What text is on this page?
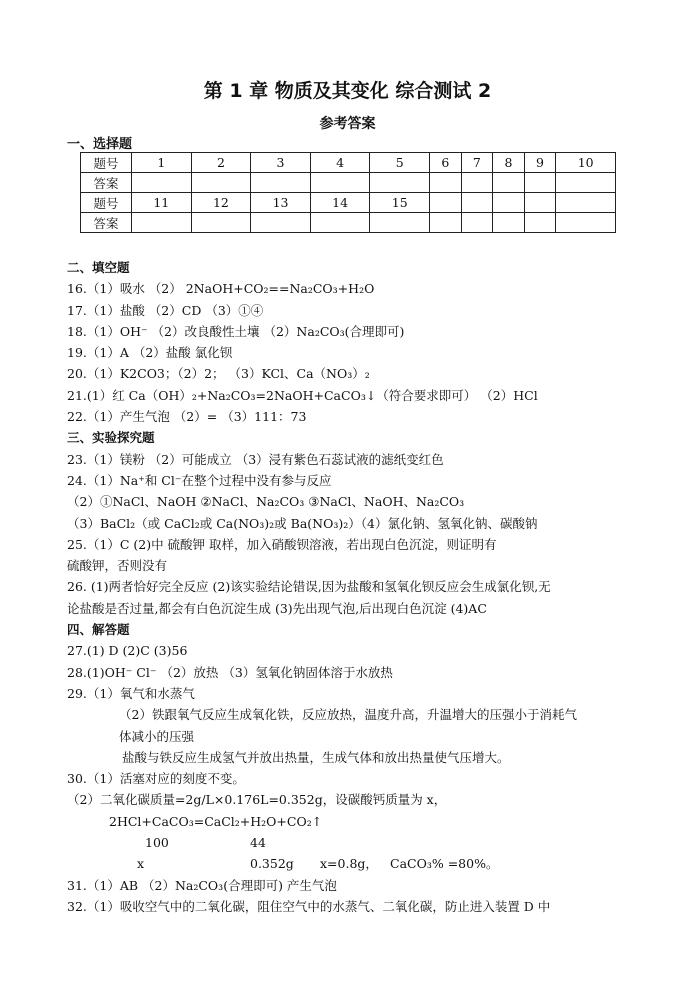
第 1 章 物质及其变化 综合测试 2
参考答案
一、选择题
题号	1	2	3	4	5	6	7	8	9	10
答案										
题号	11	12	13	14	15					
答案										
二、填空题
16.（1）吸水 （2） 2NaOH+CO₂==Na₂CO₃+H₂O
17.（1）盐酸 （2）CD （3）①④
18.（1）OH⁻ （2）改良酸性土壤 （2）Na₂CO₃(合理即可)
19.（1）A （2）盐酸 氯化钡
20.（1）K2CO3；（2）2； （3）KCl、Ca（NO₃）₂
21.(1）红 Ca（OH）₂+Na₂CO₃=2NaOH+CaCO₃↓（符合要求即可） （2）HCl
22.（1）产生气泡 （2）= （3）111：73
三、实验探究题
23.（1）镁粉 （2）可能成立 （3）浸有紫色石蕊试液的滤纸变红色
24.（1）Na⁺和 Cl⁻在整个过程中没有参与反应
（2）①NaCl、NaOH ②NaCl、Na₂CO₃ ③NaCl、NaOH、Na₂CO₃
（3）BaCl₂（或 CaCl₂或 Ca(NO₃)₂或 Ba(NO₃)₂）（4）氯化钠、氢氧化钠、碳酸钠
25.（1）C (2)中 硫酸钾 取样，加入硝酸钡溶液，若出现白色沉淀，则证明有
硫酸钾，否则没有
26. (1)两者恰好完全反应 (2)该实验结论错误,因为盐酸和氢氧化钡反应会生成氯化钡,无
论盐酸是否过量,都会有白色沉淀生成 (3)先出现气泡,后出现白色沉淀 (4)AC
四、解答题
27.(1) D (2)C (3)56
28.(1)OH⁻ Cl⁻ （2）放热 （3）氢氧化钠固体溶于水放热
29.（1）氧气和水蒸气
（2）铁跟氧气反应生成氧化铁，反应放热，温度升高，升温增大的压强小于消耗气
体减小的压强
盐酸与铁反应生成氢气并放出热量，生成气体和放出热量使气压增大。
30.（1）活塞对应的刻度不变。
（2）二氧化碳质量=2g/L×0.176L=0.352g，设碳酸钙质量为 x，
2HCl+CaCO₃=CaCl₂+H₂O+CO₂↑
100	44
x	0.352g x=0.8g， CaCO₃% =80%。
31.（1）AB （2）Na₂CO₃(合理即可) 产生气泡
32.（1）吸收空气中的二氧化碳，阻住空气中的水蒸气、二氧化碳，防止进入装置 D 中
